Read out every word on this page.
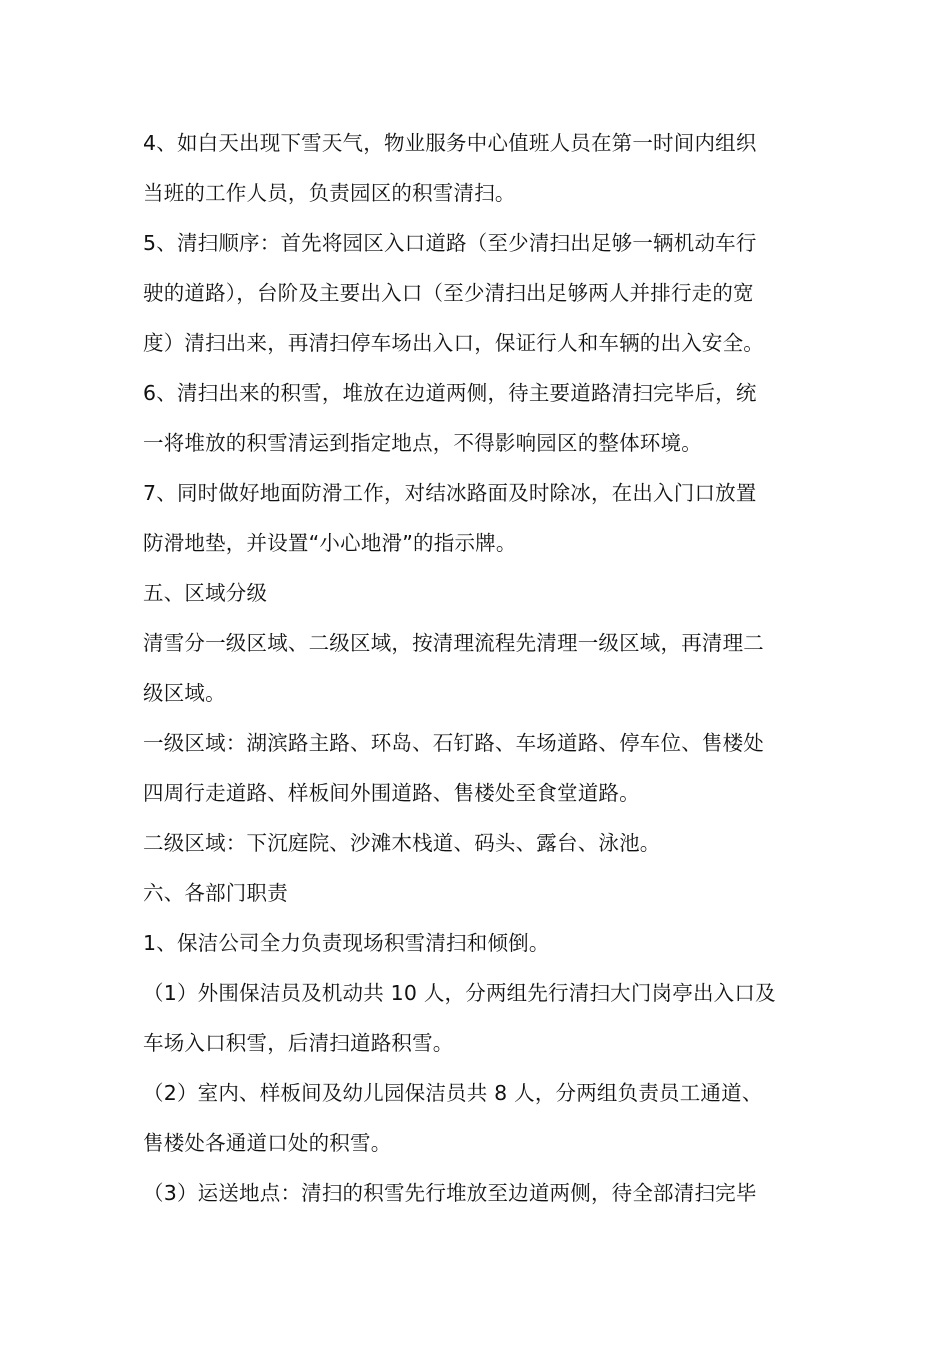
4、如白天出现下雪天气，物业服务中心值班人员在第一时间内组织
当班的工作人员，负责园区的积雪清扫。
5、清扫顺序：首先将园区入口道路（至少清扫出足够一辆机动车行
驶的道路），台阶及主要出入口（至少清扫出足够两人并排行走的宽
度）清扫出来，再清扫停车场出入口，保证行人和车辆的出入安全。
6、清扫出来的积雪，堆放在边道两侧，待主要道路清扫完毕后，统
一将堆放的积雪清运到指定地点，不得影响园区的整体环境。
7、同时做好地面防滑工作，对结冰路面及时除冰，在出入门口放置
防滑地垫，并设置“小心地滑”的指示牌。
五、区域分级
清雪分一级区域、二级区域，按清理流程先清理一级区域，再清理二
级区域。
一级区域：湖滨路主路、环岛、石钉路、车场道路、停车位、售楼处
四周行走道路、样板间外围道路、售楼处至食堂道路。
二级区域：下沉庭院、沙滩木栈道、码头、露台、泳池。
六、各部门职责
1、保洁公司全力负责现场积雪清扫和倾倒。
（1）外围保洁员及机动共 10 人，分两组先行清扫大门岗亭出入口及
车场入口积雪，后清扫道路积雪。
（2）室内、样板间及幼儿园保洁员共 8 人，分两组负责员工通道、
售楼处各通道口处的积雪。
（3）运送地点：清扫的积雪先行堆放至边道两侧，待全部清扫完毕
